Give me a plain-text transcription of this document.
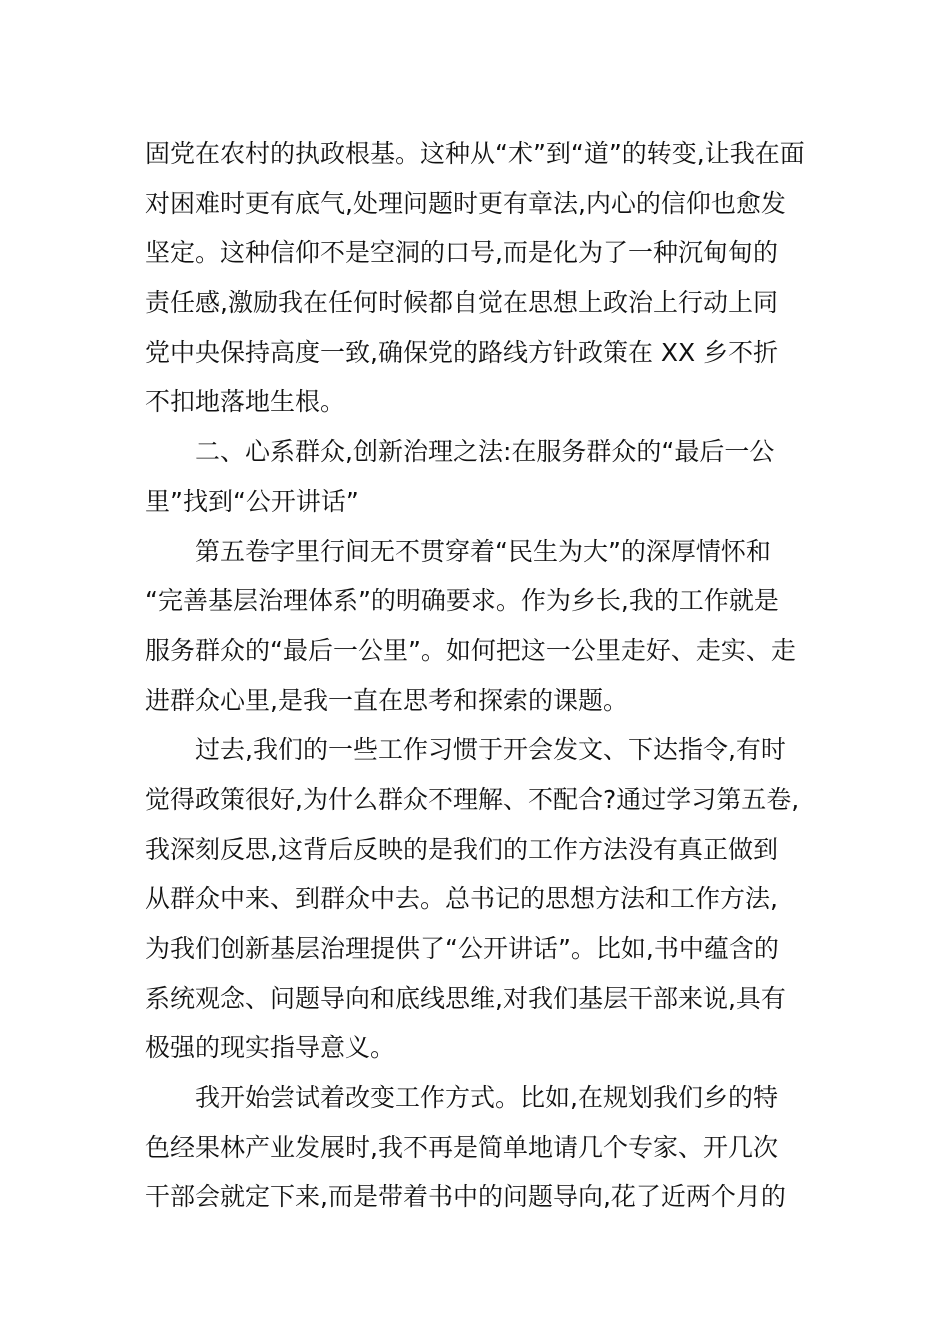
固党在农村的执政根基。这种从“术”到“道”的转变,让我在面
对困难时更有底气,处理问题时更有章法,内心的信仰也愈发
坚定。这种信仰不是空洞的口号,而是化为了一种沉甸甸的
责任感,激励我在任何时候都自觉在思想上政治上行动上同
党中央保持高度一致,确保党的路线方针政策在 XX 乡不折
不扣地落地生根。
二、心系群众,创新治理之法:在服务群众的“最后一公
里”找到“公开讲话”
第五卷字里行间无不贯穿着“民生为大”的深厚情怀和
“完善基层治理体系”的明确要求。作为乡长,我的工作就是
服务群众的“最后一公里”。如何把这一公里走好、走实、走
进群众心里,是我一直在思考和探索的课题。
过去,我们的一些工作习惯于开会发文、下达指令,有时
觉得政策很好,为什么群众不理解、不配合?通过学习第五卷,
我深刻反思,这背后反映的是我们的工作方法没有真正做到
从群众中来、到群众中去。总书记的思想方法和工作方法,
为我们创新基层治理提供了“公开讲话”。比如,书中蕴含的
系统观念、问题导向和底线思维,对我们基层干部来说,具有
极强的现实指导意义。
我开始尝试着改变工作方式。比如,在规划我们乡的特
色经果林产业发展时,我不再是简单地请几个专家、开几次
干部会就定下来,而是带着书中的问题导向,花了近两个月的
